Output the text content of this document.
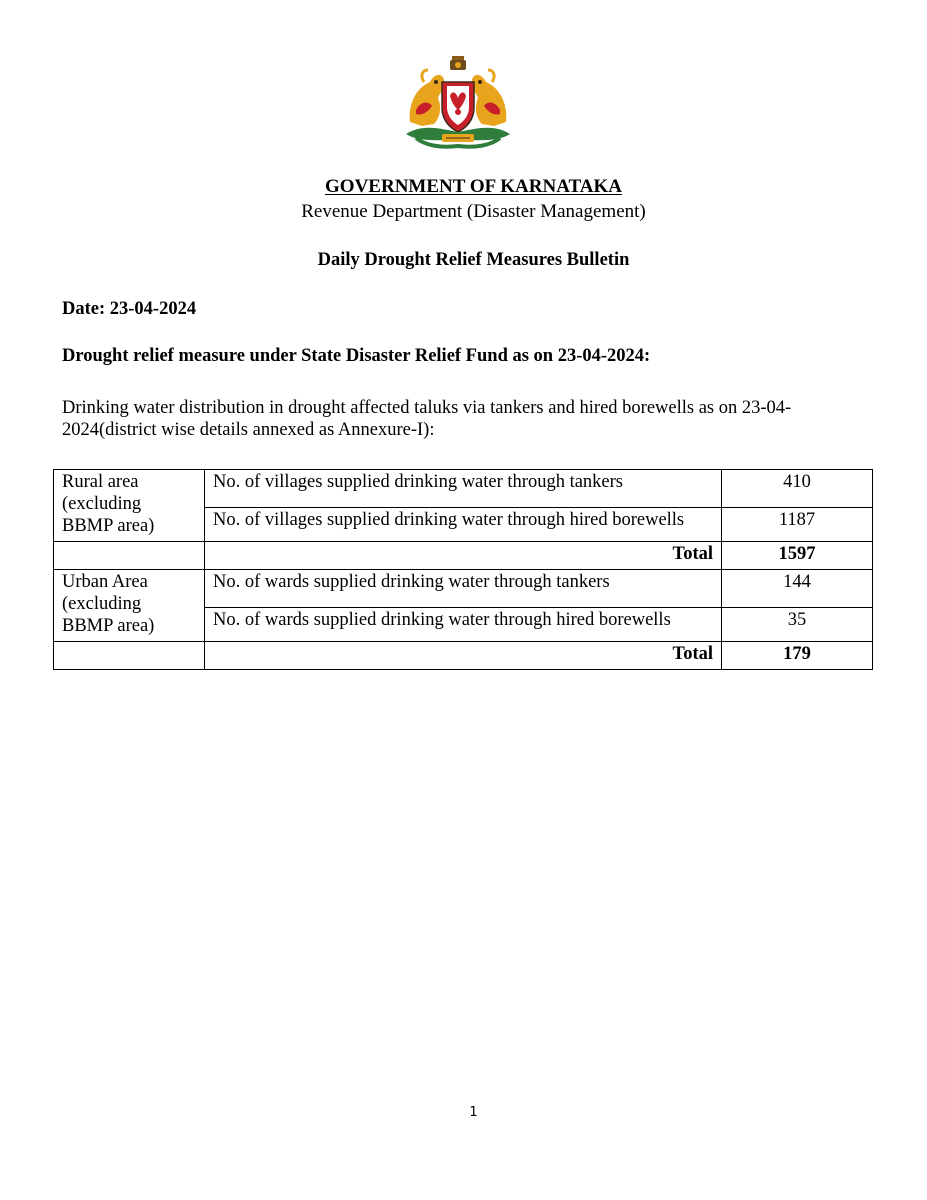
GOVERNMENT OF KARNATAKA
Revenue Department (Disaster Management)
Daily Drought Relief Measures Bulletin
Date: 23-04-2024
Drought relief measure under State Disaster Relief Fund as on 23-04-2024:
Drinking water distribution in drought affected taluks via tankers and hired borewells as on 23-04-2024(district wise details annexed as Annexure-I):
Rural area (excluding BBMP area)	No. of villages supplied drinking water through tankers	410
	No. of villages supplied drinking water through hired borewells	1187
	Total	1597
Urban Area (excluding BBMP area)	No. of wards supplied drinking water through tankers	144
	No. of wards supplied drinking water through hired borewells	35
	Total	179
1
